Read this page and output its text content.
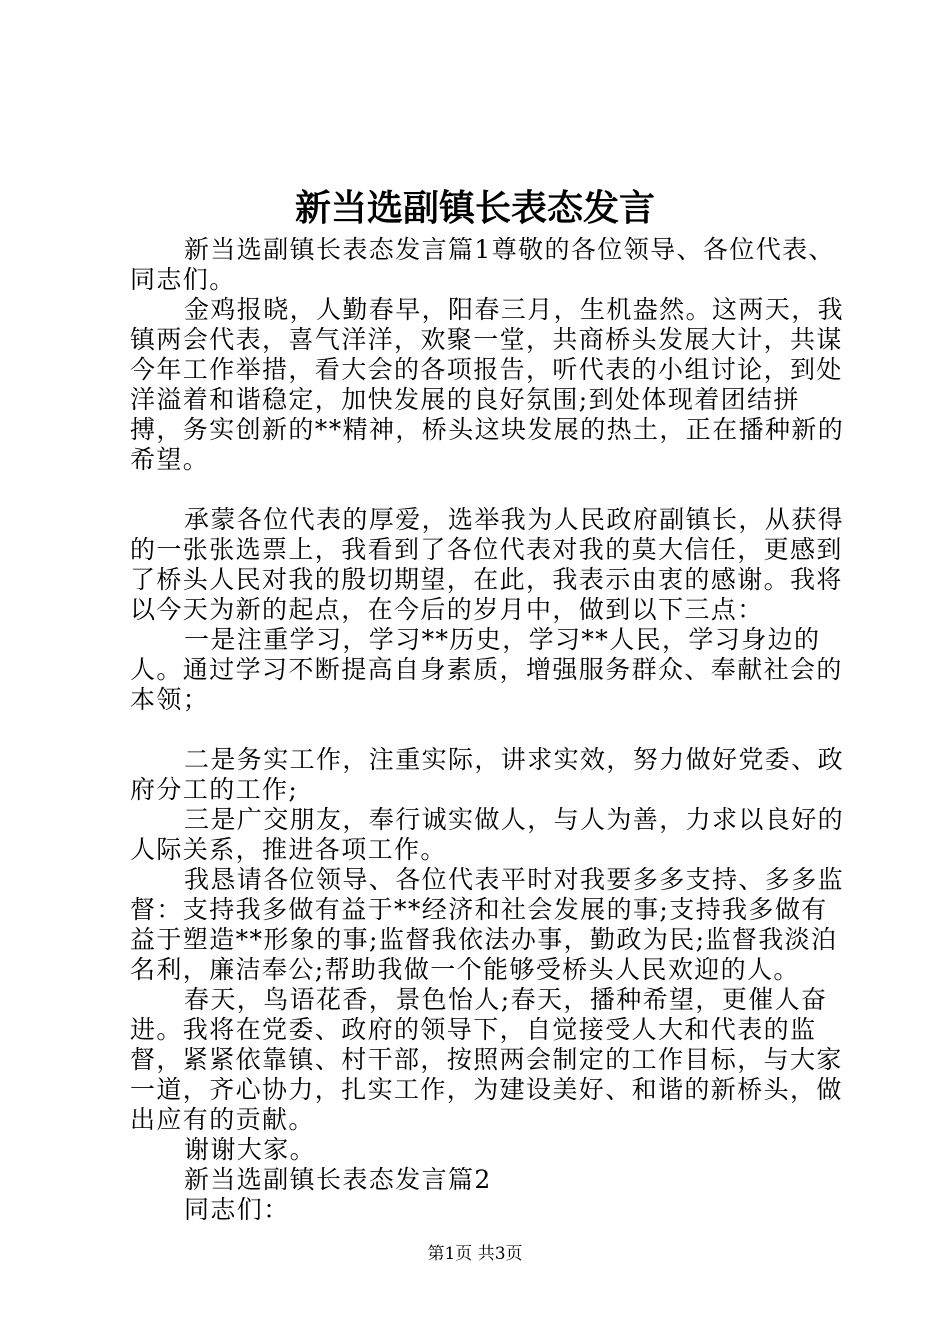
新当选副镇长表态发言

新当选副镇长表态发言篇1尊敬的各位领导、各位代表、同志们。

金鸡报晓，人勤春早，阳春三月，生机盎然。这两天，我镇两会代表，喜气洋洋，欢聚一堂，共商桥头发展大计，共谋今年工作举措，看大会的各项报告，听代表的小组讨论，到处洋溢着和谐稳定，加快发展的良好氛围;到处体现着团结拼搏，务实创新的**精神，桥头这块发展的热土，正在播种新的希望。

承蒙各位代表的厚爱，选举我为人民政府副镇长，从获得的一张张选票上，我看到了各位代表对我的莫大信任，更感到了桥头人民对我的殷切期望，在此，我表示由衷的感谢。我将以今天为新的起点，在今后的岁月中，做到以下三点：

一是注重学习，学习**历史，学习**人民，学习身边的人。通过学习不断提高自身素质，增强服务群众、奉献社会的本领；

二是务实工作，注重实际，讲求实效，努力做好党委、政府分工的工作;

三是广交朋友，奉行诚实做人，与人为善，力求以良好的人际关系，推进各项工作。

我恳请各位领导、各位代表平时对我要多多支持、多多监督：支持我多做有益于**经济和社会发展的事;支持我多做有益于塑造**形象的事;监督我依法办事，勤政为民;监督我淡泊名利，廉洁奉公;帮助我做一个能够受桥头人民欢迎的人。

春天，鸟语花香，景色怡人;春天，播种希望，更催人奋进。我将在党委、政府的领导下，自觉接受人大和代表的监督，紧紧依靠镇、村干部，按照两会制定的工作目标，与大家一道，齐心协力，扎实工作，为建设美好、和谐的新桥头，做出应有的贡献。

谢谢大家。

新当选副镇长表态发言篇2

同志们：

第1页 共3页
